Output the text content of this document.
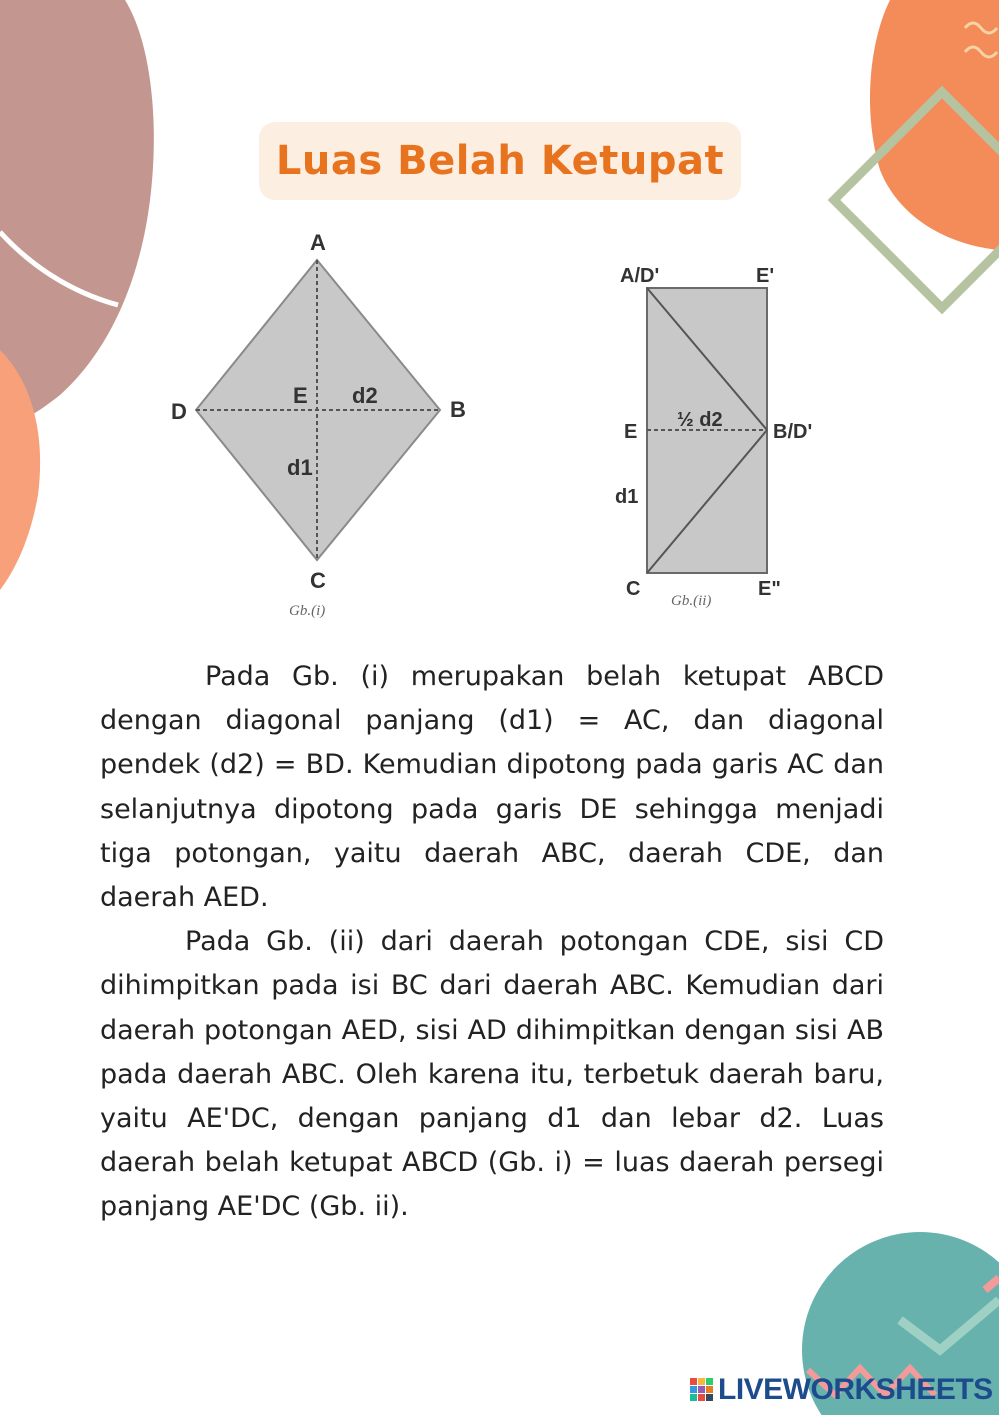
Luas Belah Ketupat
A
B
C
D
E d2
d1
Gb.(i)
A/D'	E'
E
½ d2
B/D'
d1
C
Gb.(ii)
E"

Pada Gb. (i) merupakan belah ketupat ABCD dengan diagonal panjang (d1) = AC, dan diagonal pendek (d2) = BD. Kemudian dipotong pada garis AC dan selanjutnya dipotong pada garis DE sehingga menjadi tiga potongan, yaitu daerah ABC, daerah CDE, dan daerah AED.

Pada Gb. (ii) dari daerah potongan CDE, sisi CD dihimpitkan pada isi BC dari daerah ABC. Kemudian dari daerah potongan AED, sisi AD dihimpitkan dengan sisi AB pada daerah ABC. Oleh karena itu, terbetuk daerah baru, yaitu AE'DC, dengan panjang d1 dan lebar d2. Luas daerah belah ketupat ABCD (Gb. i) = luas daerah persegi panjang AE'DC (Gb. ii).

LIVEWORKSHEETS
